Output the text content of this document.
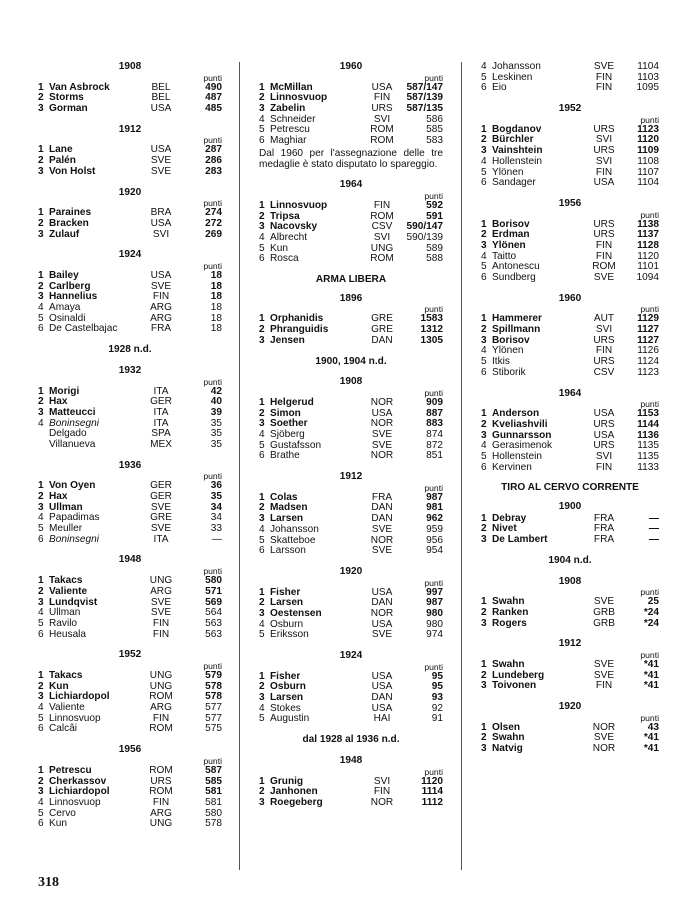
1908
punti
1 Van Asbrock	BEL	490
2 Storms	BEL	487
3 Gorman	USA	485
1912
punti
1 Lane	USA	287
2 Palén	SVE	286
3 Von Holst	SVE	283
1920
punti
1 Paraines	BRA	274
2 Bracken	USA	272
3 Zulauf	SVI	269
1924
punti
1 Bailey	USA	18
2 Carlberg	SVE	18
3 Hannelius	FIN	18
4 Amaya	ARG	18
5 Osinaldi	ARG	18
6 De Castelbajac	FRA	18
1928 n.d.
1932
punti
1 Morigi	ITA	42
2 Hax	GER	40
3 Matteucci	ITA	39
4 Boninsegni	ITA	35
Delgado	SPA	35
Villanueva	MEX	35
1936
punti
1 Von Oyen	GER	36
2 Hax	GER	35
3 Ullman	SVE	34
4 Papadimas	GRE	34
5 Meuller	SVE	33
6 Boninsegni	ITA	—
1948
punti
1 Takacs	UNG	580
2 Valiente	ARG	571
3 Lundqvist	SVE	569
4 Ullman	SVE	564
5 Ravilo	FIN	563
6 Heusala	FIN	563
1952
punti
1 Takacs	UNG	579
2 Kun	UNG	578
3 Lichiardopol	ROM	578
4 Valiente	ARG	577
5 Linnosvuop	FIN	577
6 Calcâi	ROM	575
1956
punti
1 Petrescu	ROM	587
2 Cherkassov	URS	585
3 Lichiardopol	ROM	581
4 Linnosvuop	FIN	581
5 Cervo	ARG	580
6 Kun	UNG	578
1960
punti
1 McMillan	USA	587/147
2 Linnosvuop	FIN	587/139
3 Zabelin	URS	587/135
4 Schneider	SVI	586
5 Petrescu	ROM	585
6 Maghiar	ROM	583
Dal 1960 per l'assegnazione delle tre medaglie è stato disputato lo spareggio.
1964
punti
1 Linnosvuop	FIN	592
2 Tripsa	ROM	591
3 Nacovsky	CSV	590/147
4 Albrecht	SVI	590/139
5 Kun	UNG	589
6 Rosca	ROM	588
ARMA LIBERA
1896
punti
1 Orphanidis	GRE	1583
2 Phranguidis	GRE	1312
3 Jensen	DAN	1305
1900, 1904 n.d.
1908
punti
1 Helgerud	NOR	909
2 Simon	USA	887
3 Soether	NOR	883
4 Sjöberg	SVE	874
5 Gustafsson	SVE	872
6 Brathe	NOR	851
1912
punti
1 Colas	FRA	987
2 Madsen	DAN	981
3 Larsen	DAN	962
4 Johansson	SVE	959
5 Skatteboe	NOR	956
6 Larsson	SVE	954
1920
punti
1 Fisher	USA	997
2 Larsen	DAN	987
3 Oestensen	NOR	980
4 Osburn	USA	980
5 Eriksson	SVE	974
1924
punti
1 Fisher	USA	95
2 Osburn	USA	95
3 Larsen	DAN	93
4 Stokes	USA	92
5 Augustin	HAI	91
dal 1928 al 1936 n.d.
1948
punti
1 Grunig	SVI	1120
2 Janhonen	FIN	1114
3 Roegeberg	NOR	1112
4 Johansson	SVE	1104
5 Leskinen	FIN	1103
6 Eio	FIN	1095
1952
punti
1 Bogdanov	URS	1123
2 Bürchler	SVI	1120
3 Vainshtein	URS	1109
4 Hollenstein	SVI	1108
5 Ylönen	FIN	1107
6 Sandager	USA	1104
1956
punti
1 Borisov	URS	1138
2 Erdman	URS	1137
3 Ylönen	FIN	1128
4 Taitto	FIN	1120
5 Antonescu	ROM	1101
6 Sundberg	SVE	1094
1960
punti
1 Hammerer	AUT	1129
2 Spillmann	SVI	1127
3 Borisov	URS	1127
4 Ylönen	FIN	1126
5 Itkis	URS	1124
6 Stiborik	CSV	1123
1964
punti
1 Anderson	USA	1153
2 Kveliashvili	URS	1144
3 Gunnarsson	USA	1136
4 Gerasimenok	URS	1135
5 Hollenstein	SVI	1135
6 Kervinen	FIN	1133
TIRO AL CERVO CORRENTE
1900
1 Debray	FRA	—
2 Nivet	FRA	—
3 De Lambert	FRA	—
1904 n.d.
1908
punti
1 Swahn	SVE	25
2 Ranken	GRB	*24
3 Rogers	GRB	*24
1912
punti
1 Swahn	SVE	*41
2 Lundeberg	SVE	*41
3 Toivonen	FIN	*41
1920
punti
1 Olsen	NOR	43
2 Swahn	SVE	*41
3 Natvig	NOR	*41
318
